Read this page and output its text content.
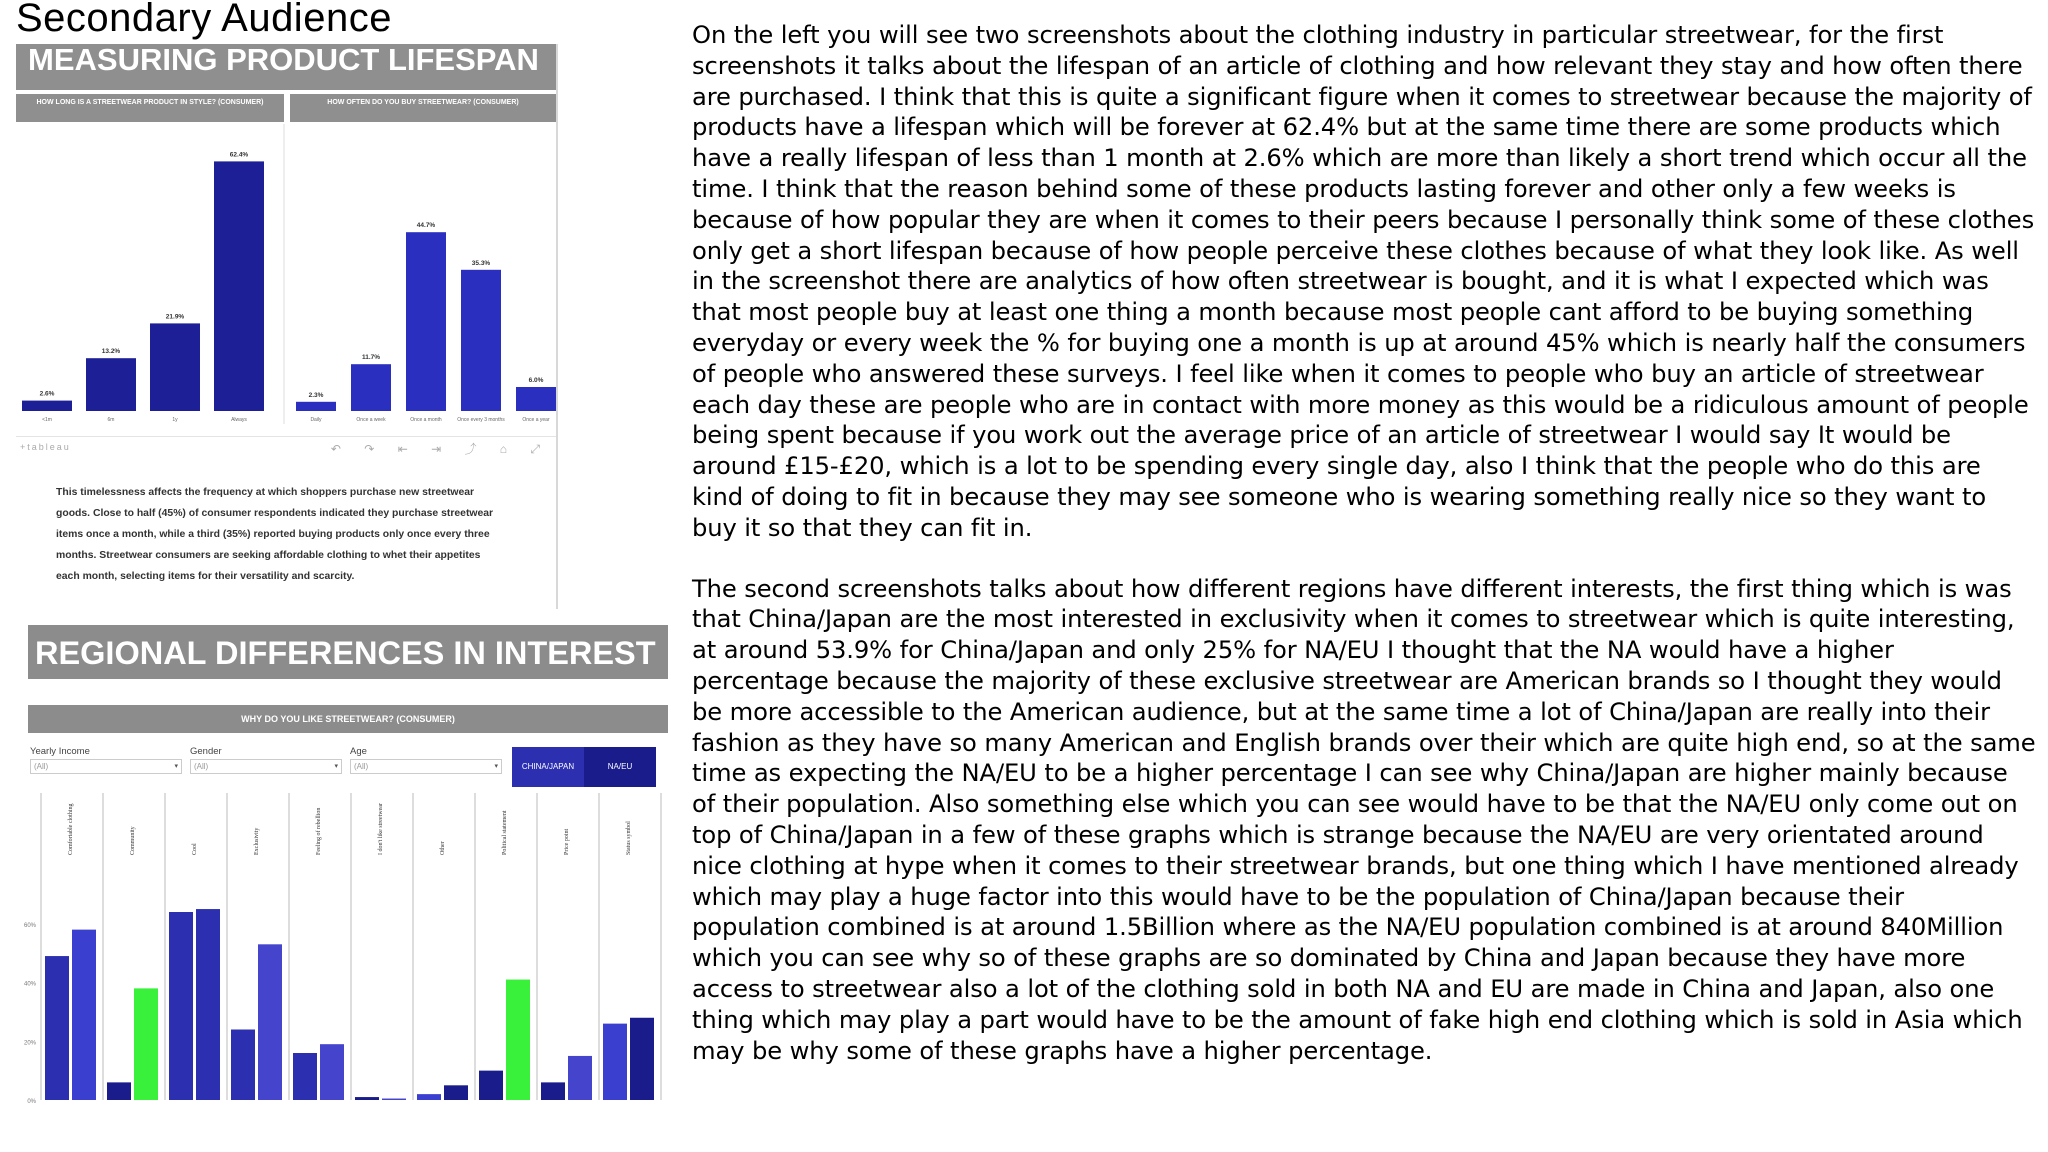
Secondary Audience
MEASURING PRODUCT LIFESPAN
HOW LONG IS A STREETWEAR PRODUCT IN STYLE? (CONSUMER)	HOW OFTEN DO YOU BUY STREETWEAR? (CONSUMER)
2.6%
<1m
13.2%
6m
21.9%
1y
62.4%
Always
2.3%
Daily
11.7%
Once a week
44.7%
Once a month
35.3%
Once every 3 months
6.0%
Once a year
+tableau	↶ ↷ ⇤ ⇥ ⤴ ⌂ ⤢
This timelessness affects the frequency at which shoppers purchase new streetwear goods. Close to half (45%) of consumer respondents indicated they purchase streetwear items once a month, while a third (35%) reported buying products only once every three months. Streetwear consumers are seeking affordable clothing to whet their appetites each month, selecting items for their versatility and scarcity.
REGIONAL DIFFERENCES IN INTEREST
WHY DO YOU LIKE STREETWEAR? (CONSUMER)
Yearly Income
(All)	▾
Gender
(All)	▾
Age
(All)	▾	CHINA/JAPAN	NA/EU
0%
20%
40%
60%
Comfortable clothing	Community	Cool	Exclusivity	Feeling of rebellion	I don't like streetwear	Other	Political statement	Price point	Status symbol

On the left you will see two screenshots about the clothing industry in particular streetwear, for the first screenshots it talks about the lifespan of an article of clothing and how relevant they stay and how often there are purchased. I think that this is quite a significant figure when it comes to streetwear because the majority of products have a lifespan which will be forever at 62.4% but at the same time there are some products which have a really lifespan of less than 1 month at 2.6% which are more than likely a short trend which occur all the time. I think that the reason behind some of these products lasting forever and other only a few weeks is because of how popular they are when it comes to their peers because I personally think some of these clothes only get a short lifespan because of how people perceive these clothes because of what they look like. As well in the screenshot there are analytics of how often streetwear is bought, and it is what I expected which was that most people buy at least one thing a month because most people cant afford to be buying something everyday or every week the % for buying one a month is up at around 45% which is nearly half the consumers of people who answered these surveys. I feel like when it comes to people who buy an article of streetwear each day these are people who are in contact with more money as this would be a ridiculous amount of people being spent because if you work out the average price of an article of streetwear I would say It would be around £15-£20, which is a lot to be spending every single day, also I think that the people who do this are kind of doing to fit in because they may see someone who is wearing something really nice so they want to buy it so that they can fit in.

The second screenshots talks about how different regions have different interests, the first thing which is was that China/Japan are the most interested in exclusivity when it comes to streetwear which is quite interesting, at around 53.9% for China/Japan and only 25% for NA/EU I thought that the NA would have a higher percentage because the majority of these exclusive streetwear are American brands so I thought they would be more accessible to the American audience, but at the same time a lot of China/Japan are really into their fashion as they have so many American and English brands over their which are quite high end, so at the same time as expecting the NA/EU to be a higher percentage I can see why China/Japan are higher mainly because of their population. Also something else which you can see would have to be that the NA/EU only come out on top of China/Japan in a few of these graphs which is strange because the NA/EU are very orientated around nice clothing at hype when it comes to their streetwear brands, but one thing which I have mentioned already which may play a huge factor into this would have to be the population of China/Japan because their population combined is at around 1.5Billion where as the NA/EU population combined is at around 840Million which you can see why so of these graphs are so dominated by China and Japan because they have more access to streetwear also a lot of the clothing sold in both NA and EU are made in China and Japan, also one thing which may play a part would have to be the amount of fake high end clothing which is sold in Asia which may be why some of these graphs have a higher percentage.
